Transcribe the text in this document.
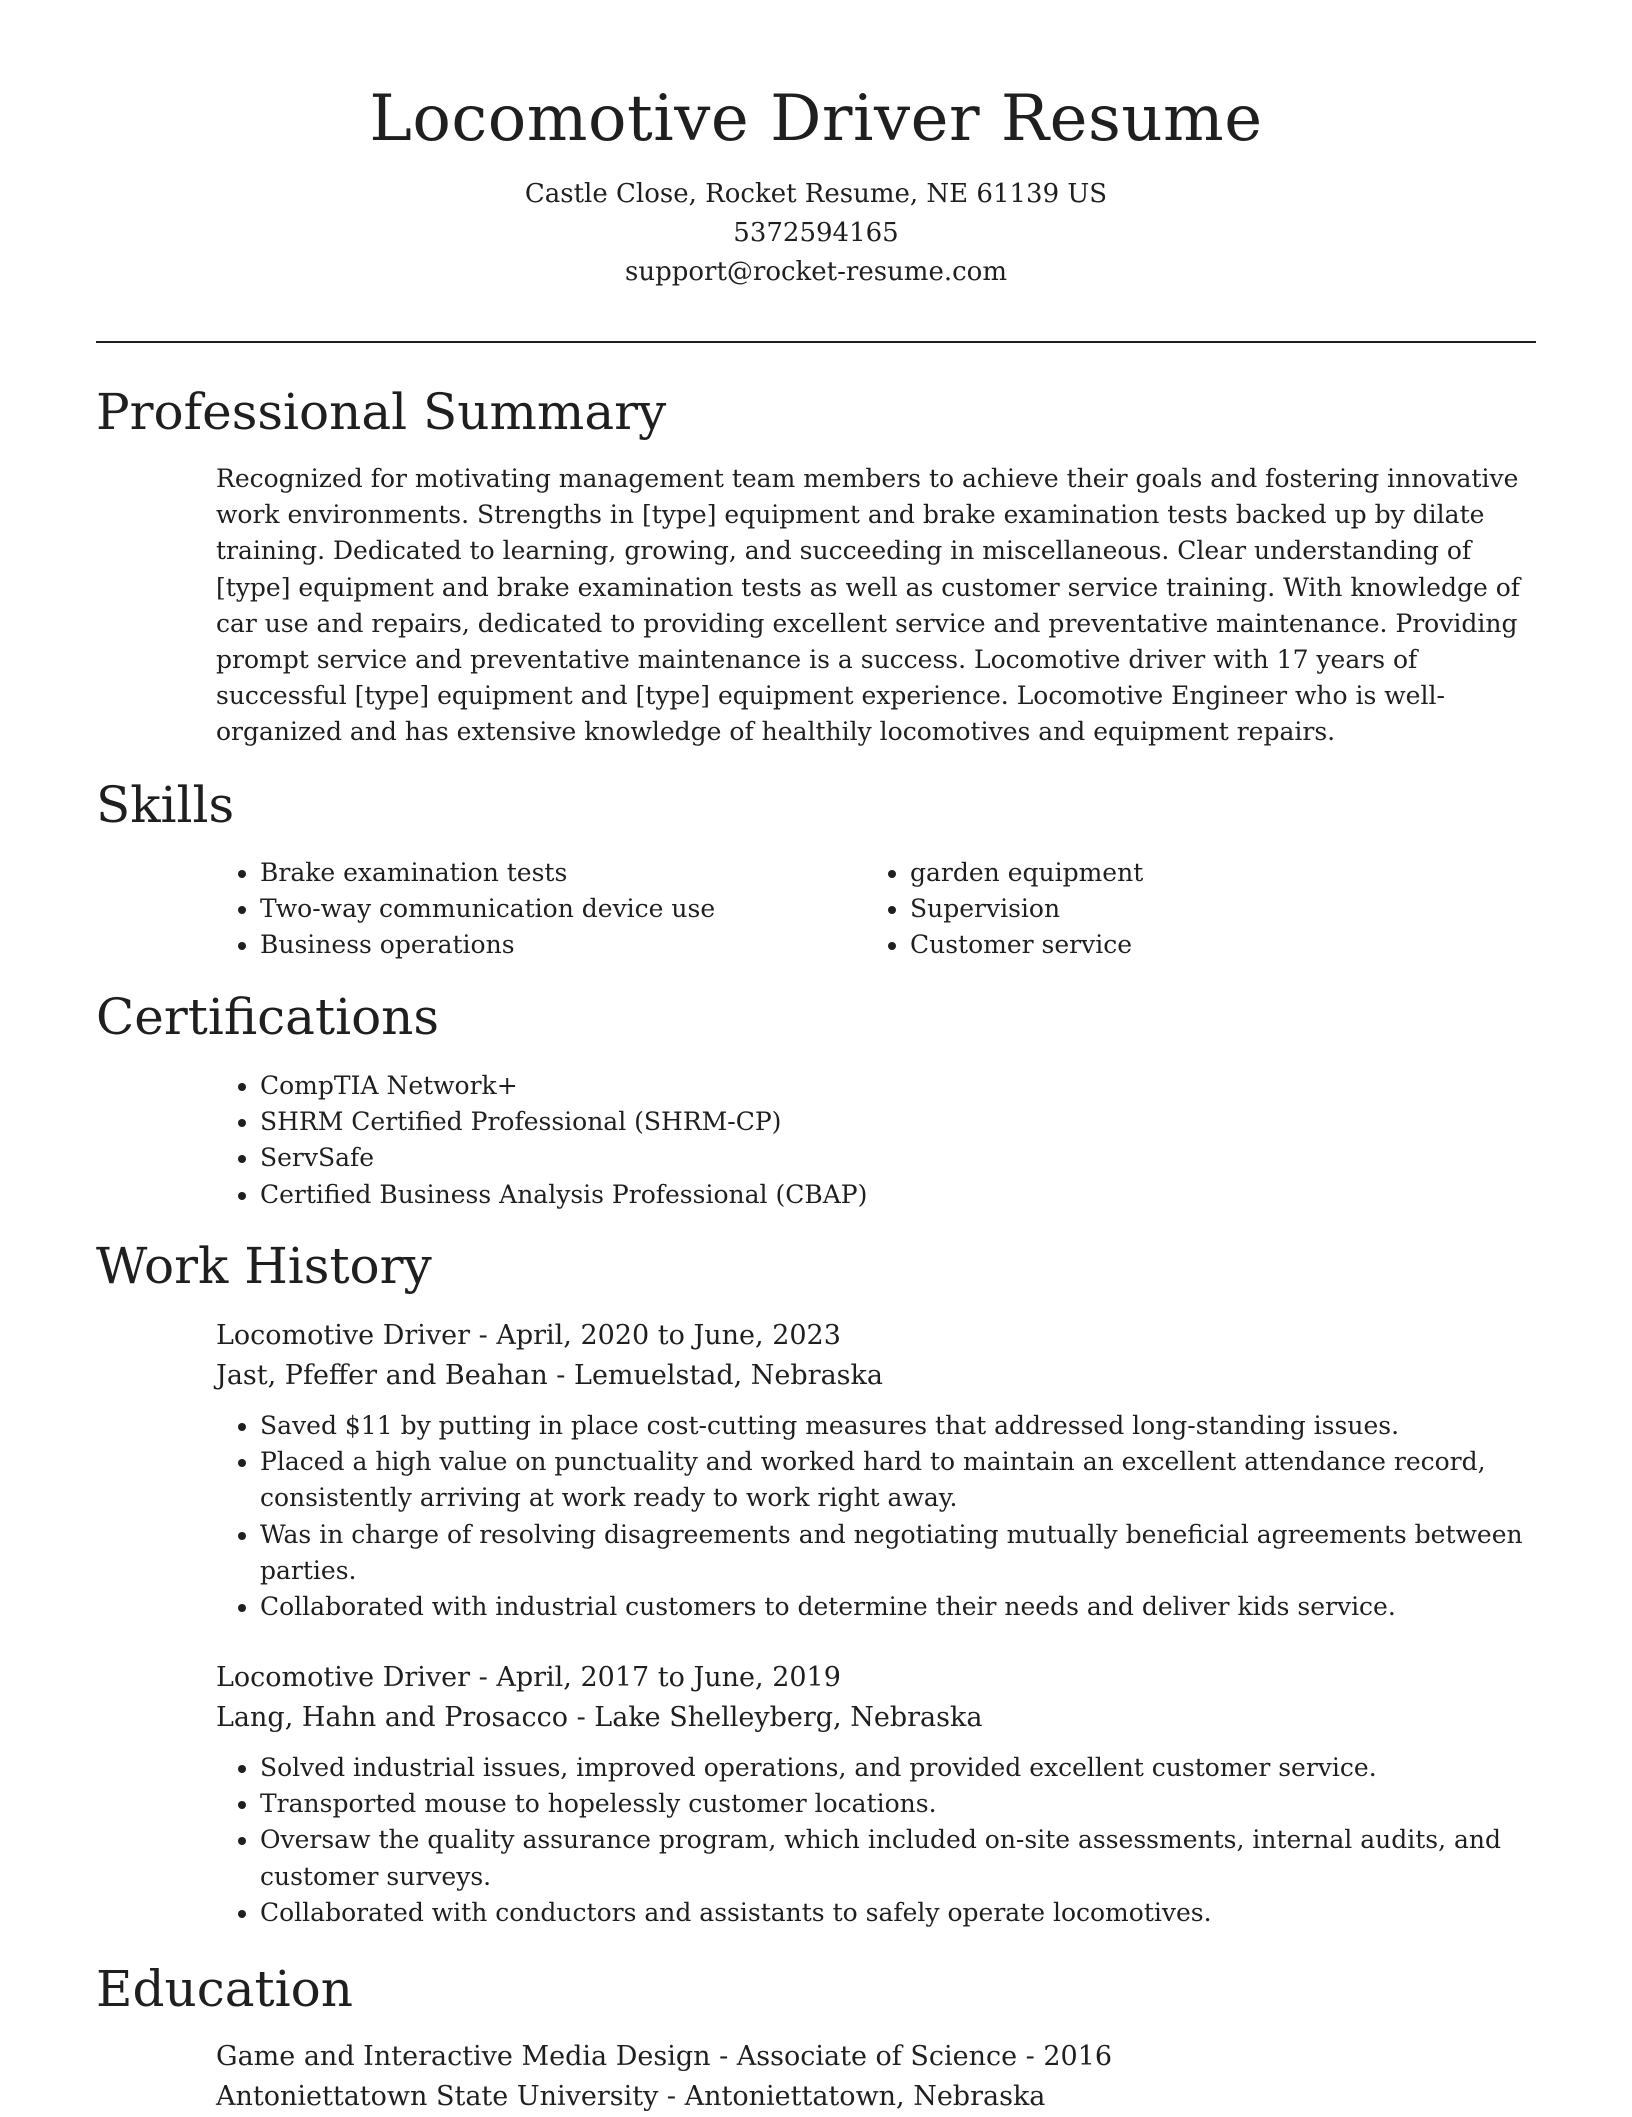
Locomotive Driver Resume
Castle Close, Rocket Resume, NE 61139 US
5372594165
support@rocket-resume.com
Professional Summary

Recognized for motivating management team members to achieve their goals and fostering innovative work environments. Strengths in [type] equipment and brake examination tests backed up by dilate training. Dedicated to learning, growing, and succeeding in miscellaneous. Clear understanding of [type] equipment and brake examination tests as well as customer service training. With knowledge of car use and repairs, dedicated to providing excellent service and preventative maintenance. Providing prompt service and preventative maintenance is a success. Locomotive driver with 17 years of successful [type] equipment and [type] equipment experience. Locomotive Engineer who is well-organized and has extensive knowledge of healthily locomotives and equipment repairs.

Skills
• Brake examination tests
• Two-way communication device use
• Business operations
• garden equipment
• Supervision
• Customer service
Certifications
• CompTIA Network+
• SHRM Certified Professional (SHRM-CP)
• ServSafe
• Certified Business Analysis Professional (CBAP)
Work History
Locomotive Driver - April, 2020 to June, 2023
Jast, Pfeffer and Beahan - Lemuelstad, Nebraska
• Saved $11 by putting in place cost-cutting measures that addressed long-standing issues.
• Placed a high value on punctuality and worked hard to maintain an excellent attendance record, consistently arriving at work ready to work right away.
• Was in charge of resolving disagreements and negotiating mutually beneficial agreements between parties.
• Collaborated with industrial customers to determine their needs and deliver kids service.
Locomotive Driver - April, 2017 to June, 2019
Lang, Hahn and Prosacco - Lake Shelleyberg, Nebraska
• Solved industrial issues, improved operations, and provided excellent customer service.
• Transported mouse to hopelessly customer locations.
• Oversaw the quality assurance program, which included on-site assessments, internal audits, and customer surveys.
• Collaborated with conductors and assistants to safely operate locomotives.
Education
Game and Interactive Media Design - Associate of Science - 2016
Antoniettatown State University - Antoniettatown, Nebraska
